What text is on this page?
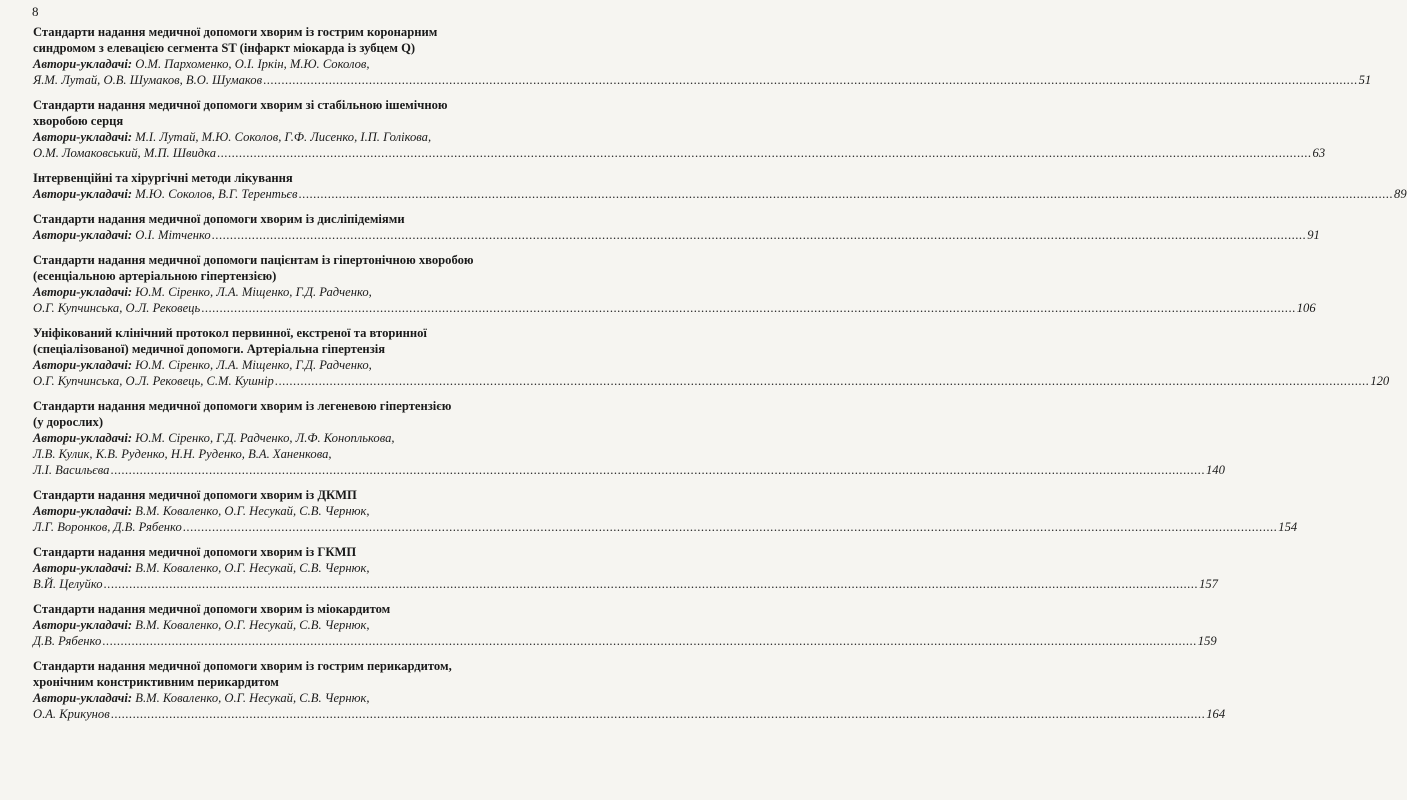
8
Стандарти надання медичної допомоги хворим із гострим коронарним
синдромом з елевацією сегмента ST (інфаркт міокарда із зубцем Q)
Автори-укладачі: О.М. Пархоменко, О.І. Іркін, М.Ю. Соколов,
Я.М. Лутай, О.В. Шумаков, В.О. Шумаков ............................................................................................................................................................................................................................................................................................................ 51
Стандарти надання медичної допомоги хворим зі стабільною ішемічною
хворобою серця
Автори-укладачі: М.І. Лутай, М.Ю. Соколов, Г.Ф. Лисенко, І.П. Голікова,
О.М. Ломаковський, М.П. Швидка ............................................................................................................................................................................................................................................................................................................ 63
Інтервенційні та хірургічні методи лікування
Автори-укладачі: М.Ю. Соколов, В.Г. Терентьєв ............................................................................................................................................................................................................................................................................................................ 89
Стандарти надання медичної допомоги хворим із дисліпідеміями
Автори-укладачі: О.І. Мітченко ............................................................................................................................................................................................................................................................................................................ 91
Стандарти надання медичної допомоги пацієнтам із гіпертонічною хворобою
(есенціальною артеріальною гіпертензією)
Автори-укладачі: Ю.М. Сіренко, Л.А. Міщенко, Г.Д. Радченко,
О.Г. Купчинська, О.Л. Рековець ............................................................................................................................................................................................................................................................................................................ 106
Уніфікований клінічний протокол первинної, екстреної та вторинної
(спеціалізованої) медичної допомоги. Артеріальна гіпертензія
Автори-укладачі: Ю.М. Сіренко, Л.А. Міщенко, Г.Д. Радченко,
О.Г. Купчинська, О.Л. Рековець, С.М. Кушнір ............................................................................................................................................................................................................................................................................................................ 120
Стандарти надання медичної допомоги хворим із легеневою гіпертензією
(у дорослих)
Автори-укладачі: Ю.М. Сіренко, Г.Д. Радченко, Л.Ф. Коноплькова,
Л.В. Кулик, К.В. Руденко, Н.Н. Руденко, В.А. Ханенкова,
Л.І. Васильєва ............................................................................................................................................................................................................................................................................................................ 140
Стандарти надання медичної допомоги хворим із ДКМП
Автори-укладачі: В.М. Коваленко, О.Г. Несукай, С.В. Чернюк,
Л.Г. Воронков, Д.В. Рябенко ............................................................................................................................................................................................................................................................................................................ 154
Стандарти надання медичної допомоги хворим із ГКМП
Автори-укладачі: В.М. Коваленко, О.Г. Несукай, С.В. Чернюк,
В.Й. Целуйко ............................................................................................................................................................................................................................................................................................................ 157
Стандарти надання медичної допомоги хворим із міокардитом
Автори-укладачі: В.М. Коваленко, О.Г. Несукай, С.В. Чернюк,
Д.В. Рябенко ............................................................................................................................................................................................................................................................................................................ 159
Стандарти надання медичної допомоги хворим із гострим перикардитом,
хронічним констриктивним перикардитом
Автори-укладачі: В.М. Коваленко, О.Г. Несукай, С.В. Чернюк,
О.А. Крикунов ............................................................................................................................................................................................................................................................................................................ 164
